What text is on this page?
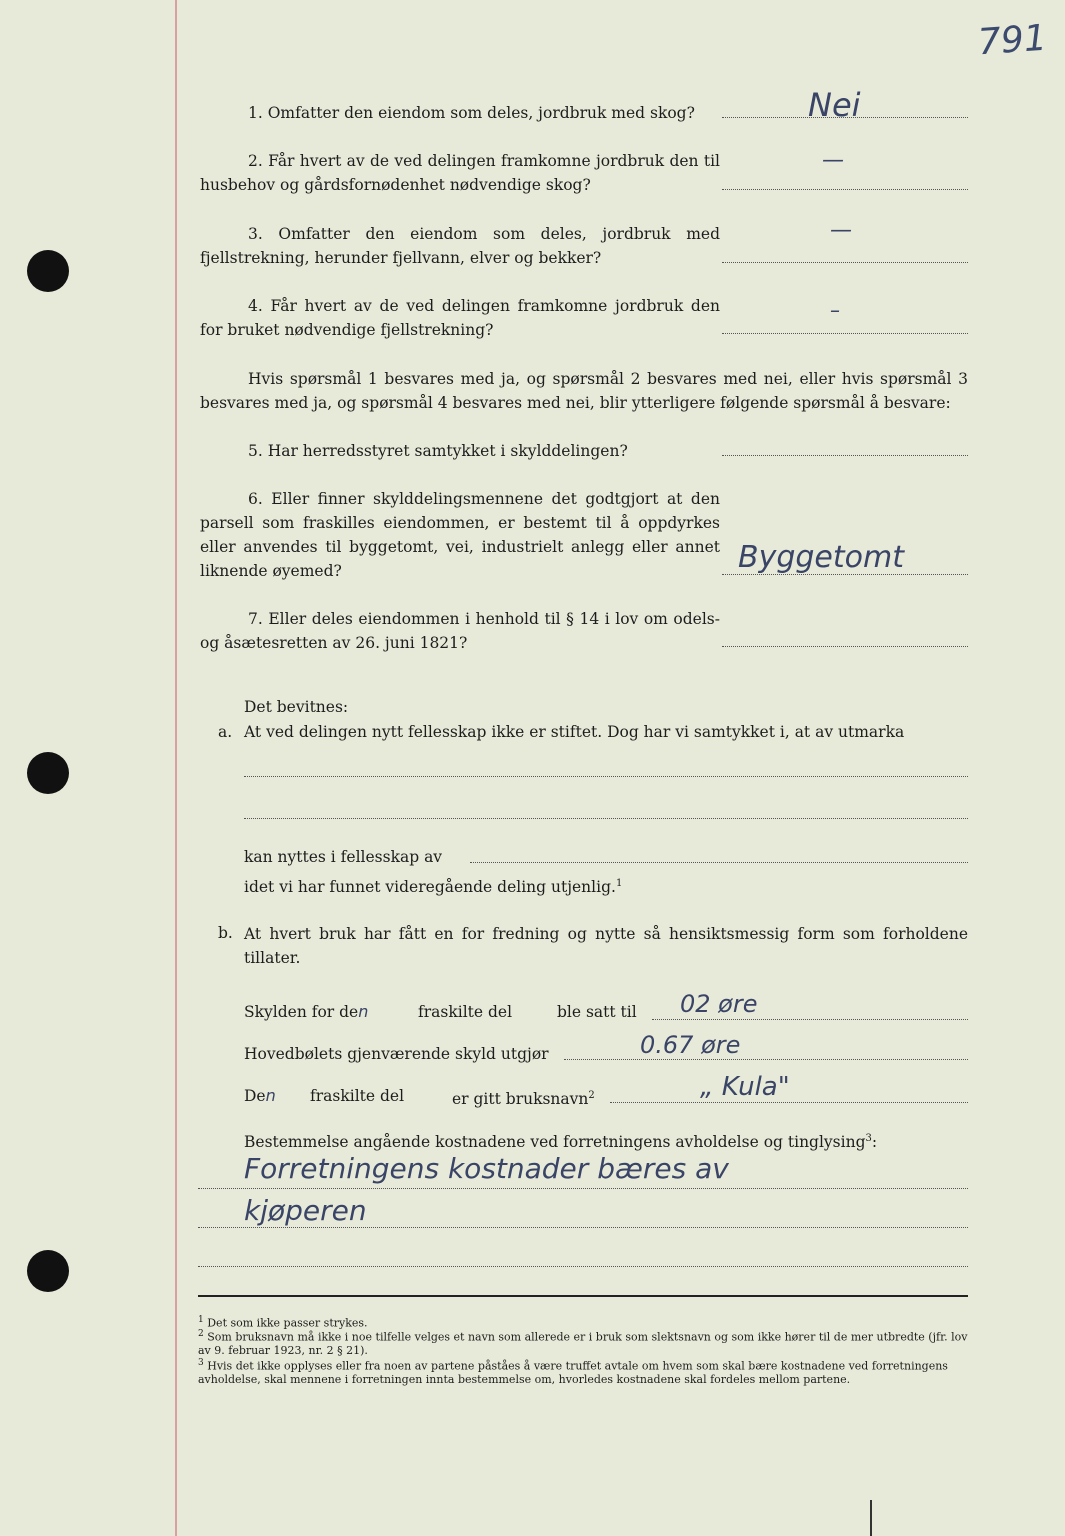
791
1. Omfatter den eiendom som deles, jordbruk med skog?	Nei
2. Får hvert av de ved delingen framkomne jordbruk den til husbehov og gårdsfornødenhet nødvendige skog?
—
3. Omfatter den eiendom som deles, jordbruk med fjellstrekning, herunder fjellvann, elver og bekker?
—
4. Får hvert av de ved delingen framkomne jordbruk den for bruket nødvendige fjellstrekning?
–
Hvis spørsmål 1 besvares med ja, og spørsmål 2 besvares med nei, eller hvis spørsmål 3 besvares med ja, og spørsmål 4 besvares med nei, blir ytterligere følgende spørsmål å besvare:
5. Har herredsstyret samtykket i skylddelingen?
6. Eller finner skylddelingsmennene det godtgjort at den parsell som fraskilles eiendommen, er bestemt til å oppdyrkes eller anvendes til byggetomt, vei, industrielt anlegg eller annet liknende øyemed?	Byggetomt
7. Eller deles eiendommen i henhold til § 14 i lov om odels- og åsætesretten av 26. juni 1821?
Det bevitnes:
a. At ved delingen nytt fellesskap ikke er stiftet. Dog har vi samtykket i, at av utmarka
kan nyttes i fellesskap av
idet vi har funnet videregående deling utjenlig.$^1$
b. At hvert bruk har fått en for fredning og nytte så hensiktsmessig form som forholdene tillater.
Skylden for den	fraskilte del	ble satt til 02 øre
Hovedbølets gjenværende skyld utgjør	0.67 øre
Den fraskilte del	er gitt bruksnavn$^2$	„ Kula"
Bestemmelse angående kostnadene ved forretningens avholdelse og tinglysing$^3$:
Forretningens kostnader bæres av
kjøperen
$^1$ Det som ikke passer strykes.
$^2$ Som bruksnavn må ikke i noe tilfelle velges et navn som allerede er i bruk som slektsnavn og som ikke hører til de mer utbredte (jfr. lov av 9. februar 1923, nr. 2 § 21).
$^3$ Hvis det ikke opplyses eller fra noen av partene påståes å være truffet avtale om hvem som skal bære kostnadene ved forretningens avholdelse, skal mennene i forretningen innta bestemmelse om, hvorledes kostnadene skal fordeles mellom partene.
